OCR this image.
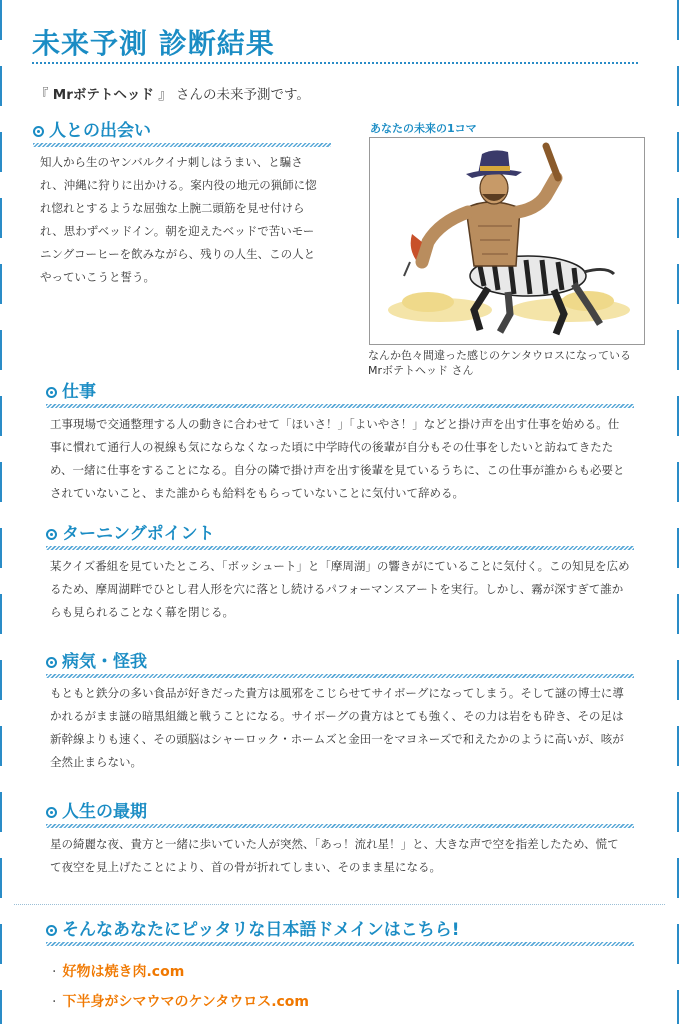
未来予測 診断結果
『 Mrボテトヘッド 』 さんの未来予測です。
人との出会い

知人から生のヤンバルクイナ刺しはうまい、と騙され、沖縄に狩りに出かける。案内役の地元の猟師に惚れ惚れとするような屈強な上腕二頭筋を見せ付けられ、思わずベッドイン。朝を迎えたベッドで苦いモーニングコーヒーを飲みながら、残りの人生、この人とやっていこうと誓う。

あなたの未来の1コマ

なんか色々間違った感じのケンタウロスになっている Mrボテトヘッド さん

仕事

工事現場で交通整理する人の動きに合わせて「ほいさ！」「よいやさ！」などと掛け声を出す仕事を始める。仕事に慣れて通行人の視線も気にならなくなった頃に中学時代の後輩が自分もその仕事をしたいと訪ねてきたため、一緒に仕事をすることになる。自分の隣で掛け声を出す後輩を見ているうちに、この仕事が誰からも必要とされていないこと、また誰からも給料をもらっていないことに気付いて辞める。

ターニングポイント

某クイズ番組を見ていたところ、「ボッシュート」と「摩周湖」の響きがにていることに気付く。この知見を広めるため、摩周湖畔でひとし君人形を穴に落とし続けるパフォーマンスアートを実行。しかし、霧が深すぎて誰からも見られることなく幕を閉じる。

病気・怪我

もともと鉄分の多い食品が好きだった貴方は風邪をこじらせてサイボーグになってしまう。そして謎の博士に導かれるがまま謎の暗黒組織と戦うことになる。サイボーグの貴方はとても強く、その力は岩をも砕き、その足は新幹線よりも速く、その頭脳はシャーロック・ホームズと金田一をマヨネーズで和えたかのように高いが、咳が全然止まらない。

人生の最期

星の綺麗な夜、貴方と一緒に歩いていた人が突然、「あっ！流れ星！」と、大きな声で空を指差したため、慌てて夜空を見上げたことにより、首の骨が折れてしまい、そのまま星になる。

そんなあなたにピッタリな日本語ドメインはこちら!
· 好物は焼き肉.com
· 下半身がシマウマのケンタウロス.com
